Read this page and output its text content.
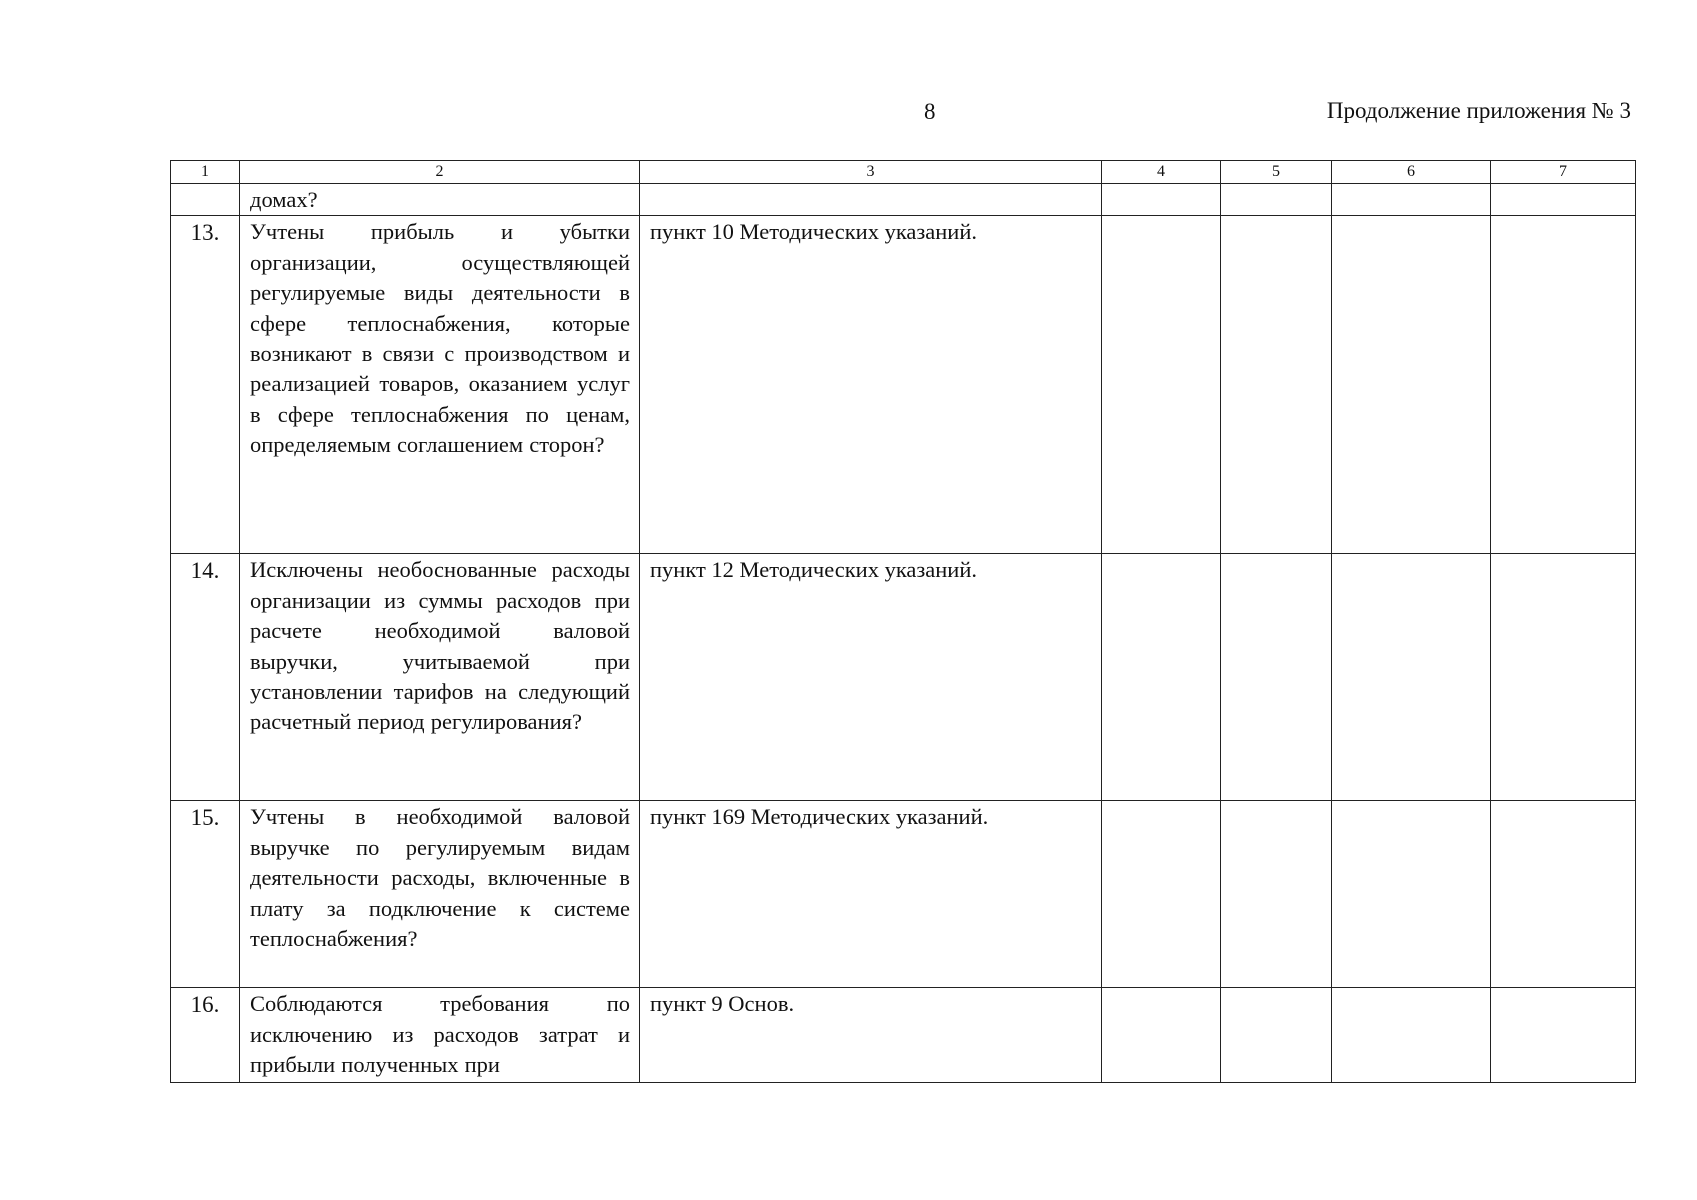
8	Продолжение приложения № 3
1	2	3	4	5	6	7

	домах?					

13.	Учтены прибыль и убытки организации, осуществляющей регулируемые виды деятельности в сфере теплоснабжения, которые возникают в связи с производством и реализацией товаров, оказанием услуг в сфере теплоснабжения по ценам, определяемым соглашением сторон?	пункт 10 Методических указаний.				
14.	Исключены необоснованные расходы организации из суммы расходов при расчете необходимой валовой выручки, учитываемой при установлении тарифов на следующий расчетный период регулирования?	пункт 12 Методических указаний.				
15.	Учтены в необходимой валовой выручке по регулируемым видам деятельности расходы, включенные в плату за подключение к системе теплоснабжения?	пункт 169 Методических указаний.				
16.	Соблюдаются требования по исключению из расходов затрат и прибыли полученных при	пункт 9 Основ.				
